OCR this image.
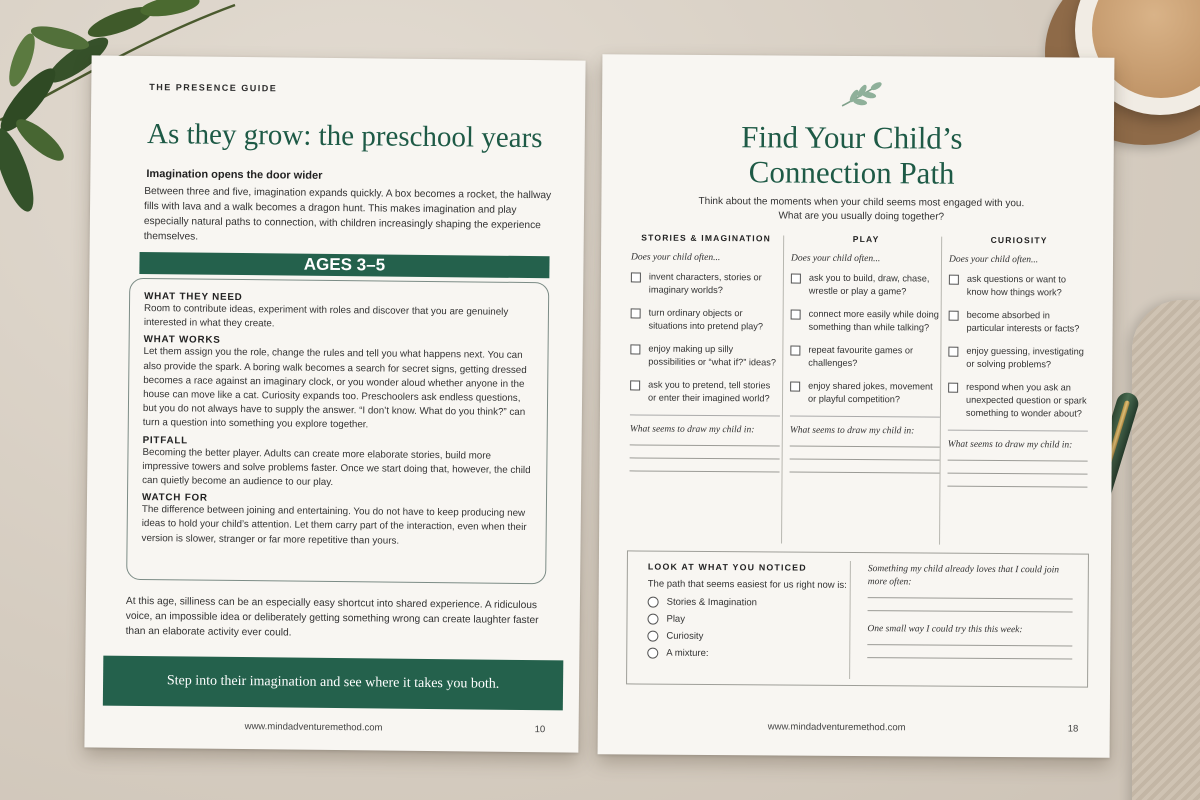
THE PRESENCE GUIDE
As they grow: the preschool years
Imagination opens the door wider
Between three and five, imagination expands quickly. A box becomes a rocket, the hallway fills with lava and a walk becomes a dragon hunt. This makes imagination and play especially natural paths to connection, with children increasingly shaping the experience themselves.
AGES 3–5
WHAT THEY NEED
Room to contribute ideas, experiment with roles and discover that you are genuinely interested in what they create.
WHAT WORKS
Let them assign you the role, change the rules and tell you what happens next. You can also provide the spark. A boring walk becomes a search for secret signs, getting dressed becomes a race against an imaginary clock, or you wonder aloud whether anyone in the house can move like a cat. Curiosity expands too. Preschoolers ask endless questions, but you do not always have to supply the answer. “I don’t know. What do you think?” can turn a question into something you explore together.
PITFALL
Becoming the better player. Adults can create more elaborate stories, build more impressive towers and solve problems faster. Once we start doing that, however, the child can quietly become an audience to our play.
WATCH FOR
The difference between joining and entertaining. You do not have to keep producing new ideas to hold your child’s attention. Let them carry part of the interaction, even when their version is slower, stranger or far more repetitive than yours.
At this age, silliness can be an especially easy shortcut into shared experience. A ridiculous voice, an impossible idea or deliberately getting something wrong can create laughter faster than an elaborate activity ever could.
Step into their imagination and see where it takes you both.
www.mindadventuremethod.com	10
Find Your Child’s
Connection Path
Think about the moments when your child seems most engaged with you.
What are you usually doing together?
STORIES & IMAGINATION
Does your child often...
invent characters, stories or imaginary worlds?
turn ordinary objects or situations into pretend play?
enjoy making up silly possibilities or “what if?” ideas?
ask you to pretend, tell stories or enter their imagined world?
What seems to draw my child in:
PLAY
Does your child often...
ask you to build, draw, chase, wrestle or play a game?
connect more easily while doing something than while talking?
repeat favourite games or challenges?
enjoy shared jokes, movement or playful competition?
What seems to draw my child in:
CURIOSITY
Does your child often...
ask questions or want to know how things work?
become absorbed in particular interests or facts?
enjoy guessing, investigating or solving problems?
respond when you ask an unexpected question or spark something to wonder about?
What seems to draw my child in:
LOOK AT WHAT YOU NOTICED
The path that seems easiest for us right now is:
Stories & Imagination
Play
Curiosity
A mixture:
Something my child already loves that I could join more often:
One small way I could try this this week:
www.mindadventuremethod.com	18
